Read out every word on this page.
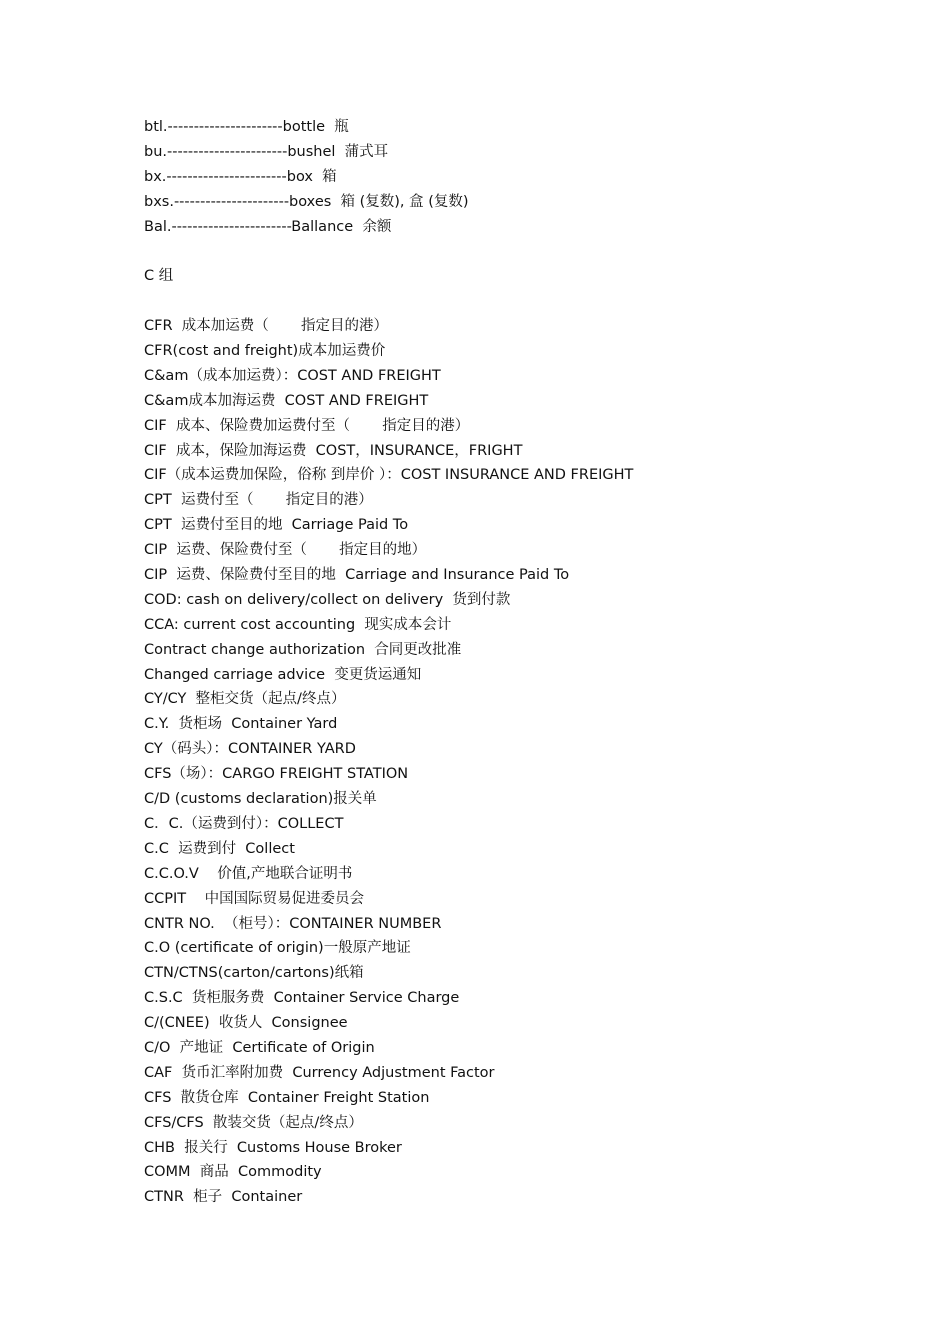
btl.----------------------bottle  瓶
bu.-----------------------bushel  蒲式耳
bx.-----------------------box  箱
bxs.----------------------boxes  箱 (复数), 盒 (复数)
Bal.-----------------------Ballance  余额
C 组
CFR  成本加运费（       指定目的港）
CFR(cost and freight)成本加运费价
C&am（成本加运费）：COST AND FREIGHT
C&am成本加海运费  COST AND FREIGHT
CIF  成本、保险费加运费付至（       指定目的港）
CIF  成本，保险加海运费  COST，INSURANCE，FRIGHT
CIF（成本运费加保险，俗称 到岸价 ）：COST INSURANCE AND FREIGHT
CPT  运费付至（       指定目的港）
CPT  运费付至目的地  Carriage Paid To
CIP  运费、保险费付至（       指定目的地）
CIP  运费、保险费付至目的地  Carriage and Insurance Paid To
COD: cash on delivery/collect on delivery  货到付款
CCA: current cost accounting  现实成本会计
Contract change authorization  合同更改批准
Changed carriage advice  变更货运通知
CY/CY  整柜交货（起点/终点）
C.Y.  货柜场  Container Yard
CY（码头）：CONTAINER YARD
CFS（场）：CARGO FREIGHT STATION
C/D (customs declaration)报关单
C．C.（运费到付）：COLLECT
C.C  运费到付  Collect
C.C.O.V    价值,产地联合证明书
CCPIT    中国国际贸易促进委员会
CNTR NO.  （柜号）：CONTAINER NUMBER
C.O (certificate of origin)一般原产地证
CTN/CTNS(carton/cartons)纸箱
C.S.C  货柜服务费  Container Service Charge
C/(CNEE)  收货人  Consignee
C/O  产地证  Certificate of Origin
CAF  货币汇率附加费  Currency Adjustment Factor
CFS  散货仓库  Container Freight Station
CFS/CFS  散装交货（起点/终点）
CHB  报关行  Customs House Broker
COMM  商品  Commodity
CTNR  柜子  Container
